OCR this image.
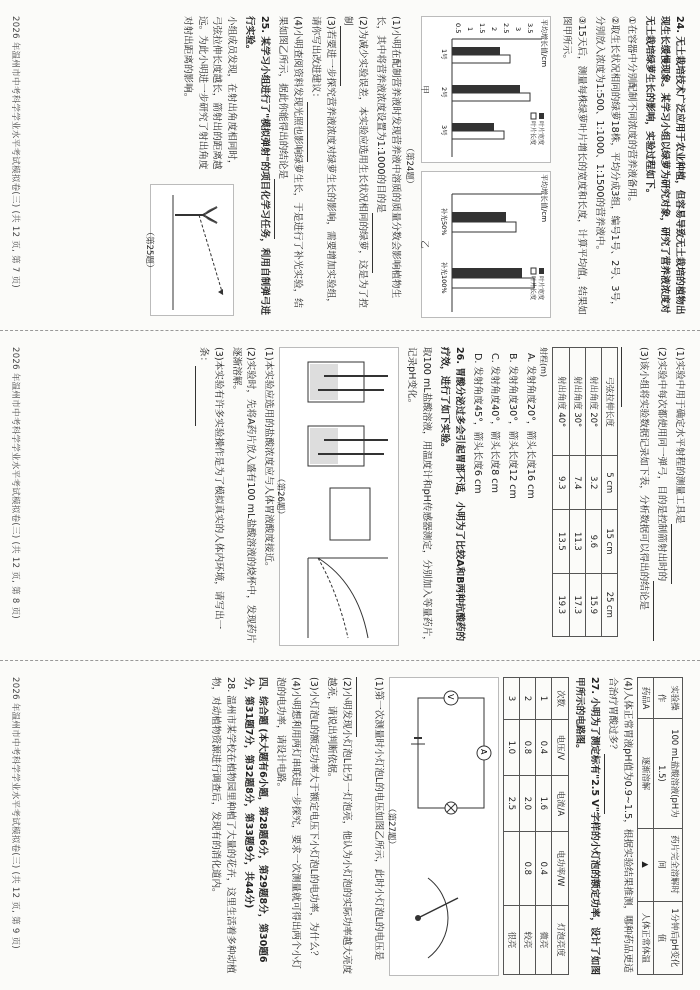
24. 无土栽培技术广泛应用于农业种植，但容易导致无土栽培的植物出现生长缓慢现象。某学习小组以绿萝为研究对象，研究了营养液浓度对无土栽培绿萝生长的影响，实验过程如下。

①在容器中分别配制不同浓度的营养液备用。

②取生长状况相同的绿萝18株，平均分成3组，编号1号、2号、3号，分别放入浓度为1:500、1:1000、1:1500的营养液中。

③15天后，测量每株绿萝叶片增长的宽度和长度，计算平均值，结果如图甲所示。

平均增长值/cm
3.5
3
2.5
2
1.5
1
0.5
1号
2号
3号	叶片宽度
叶片长度
甲
平均增长值/cm
补光50%
补光100%	叶片宽度
叶片长度
乙
（第24题）

(1)小明在配制营养液时发现营养液中溶质的质量分数会影响植物生长，其中将营养液浓度设置为1:1000的目的是

(2)为减少实验误差，本实验应选用生长状况相同的绿萝，这是为了控制

(3)若要进一步探究营养液浓度对绿萝生长的影响，需要增加实验组，请你写出改进建议：

(4)小明查阅资料发现光照也影响绿萝生长，于是进行了补光实验，结果如图乙所示，据此你能得出的结论是

25. 某学习小组进行了"模拟弹射"的项目化学习任务，利用自制弹弓进行实验。

小组成员发现，在射出角度相同时，弓弦拉伸长度越长，箭射出的距离越远。为此小明进一步研究了射出角度对射出距离的影响。

（第25题）
2026 年温州市中考科学学业水平考试模拟卷(三) (共 12 页, 第 7 页)

(1)实验中用于确定水平射程的测量工具是

(2)实验中每次都使用同一弹弓，目的是控制箭射出时的

(3)该小组将实验数据记录如下表，分析数据可以得出的结论是

弓弦拉伸长度	5 cm	15 cm	25 cm
射出角度 20°	3.2	9.6	15.9
射出角度 30°	7.4	11.3	17.3
射出角度 40°	9.3	13.5	19.3
射程(m)

A. 发射角度20°，箭头长度16 cm

B. 发射角度30°，箭头长度12 cm

C. 发射角度40°，箭头长度8 cm

D. 发射角度45°，箭头长度6 cm

26. 胃酸分泌过多会引起胃部不适，小明为了比较A和B两种抗酸药的疗效，进行了如下实验。

取100 mL盐酸溶液，用温度计和pH传感器测定，分别加入等量药片，记录pH变化。

（第26题）

(1)本实验应选用的盐酸浓度应与人体胃液酸度接近。

(2)实验时，先将A药片放入盛有100 mL盐酸溶液的烧杯中，发现药片逐渐溶解。

(3)本实验有许多实验操作是为了模拟真实的人体内环境，请写出一条：

2026 年温州市中考科学学业水平考试模拟卷(三) (共 12 页, 第 8 页)
实验操作	100 mL盐酸溶液(pH为1.5)	药片完全溶解时间	1分钟后pH变化值
药品A	逐渐溶解	▲	人体正常体温

(4)人体正常胃液pH值为0.9~1.5，根据实验结果推测，哪种药品更适合治疗胃酸过多？

27. 小明为了测定标有"2.5 V"字样的小灯泡的额定功率，设计了如图甲所示的电路图。

次数	电压/V	电流/A	电功率/W	灯泡亮度
1	0.4	1.6	0.4	微亮
2	0.8	2.0	0.8	较亮
3	1.0	2.5		很亮
A
V
（第27题）

(1)第一次测量时小灯泡L的电压如图乙所示，此时小灯泡L的电压是

(2)小明发现小灯泡L比另一灯泡亮，他认为小灯泡的实际功率越大亮度越亮，请说出判断依据。

(3)小灯泡L的额定功率大于额定电压下小灯泡L的电功率，为什么？

(4)小明想利用两灯串联进一步探究，要求一次测量就可得出两个小灯泡的电功率，请设计电路。

四、综合题 (本大题有6小题，第28题6分，第29题8分，第30题6分，第31题7分，第32题8分，第33题9分，共44分)

28. 温州市某学校在植物园里种植了大量的花卉，这里生活着多种动植物，对动植物资源进行调查后，发现有的消化道内。

2026 年温州市中考科学学业水平考试模拟卷(三) (共 12 页, 第 9 页)
